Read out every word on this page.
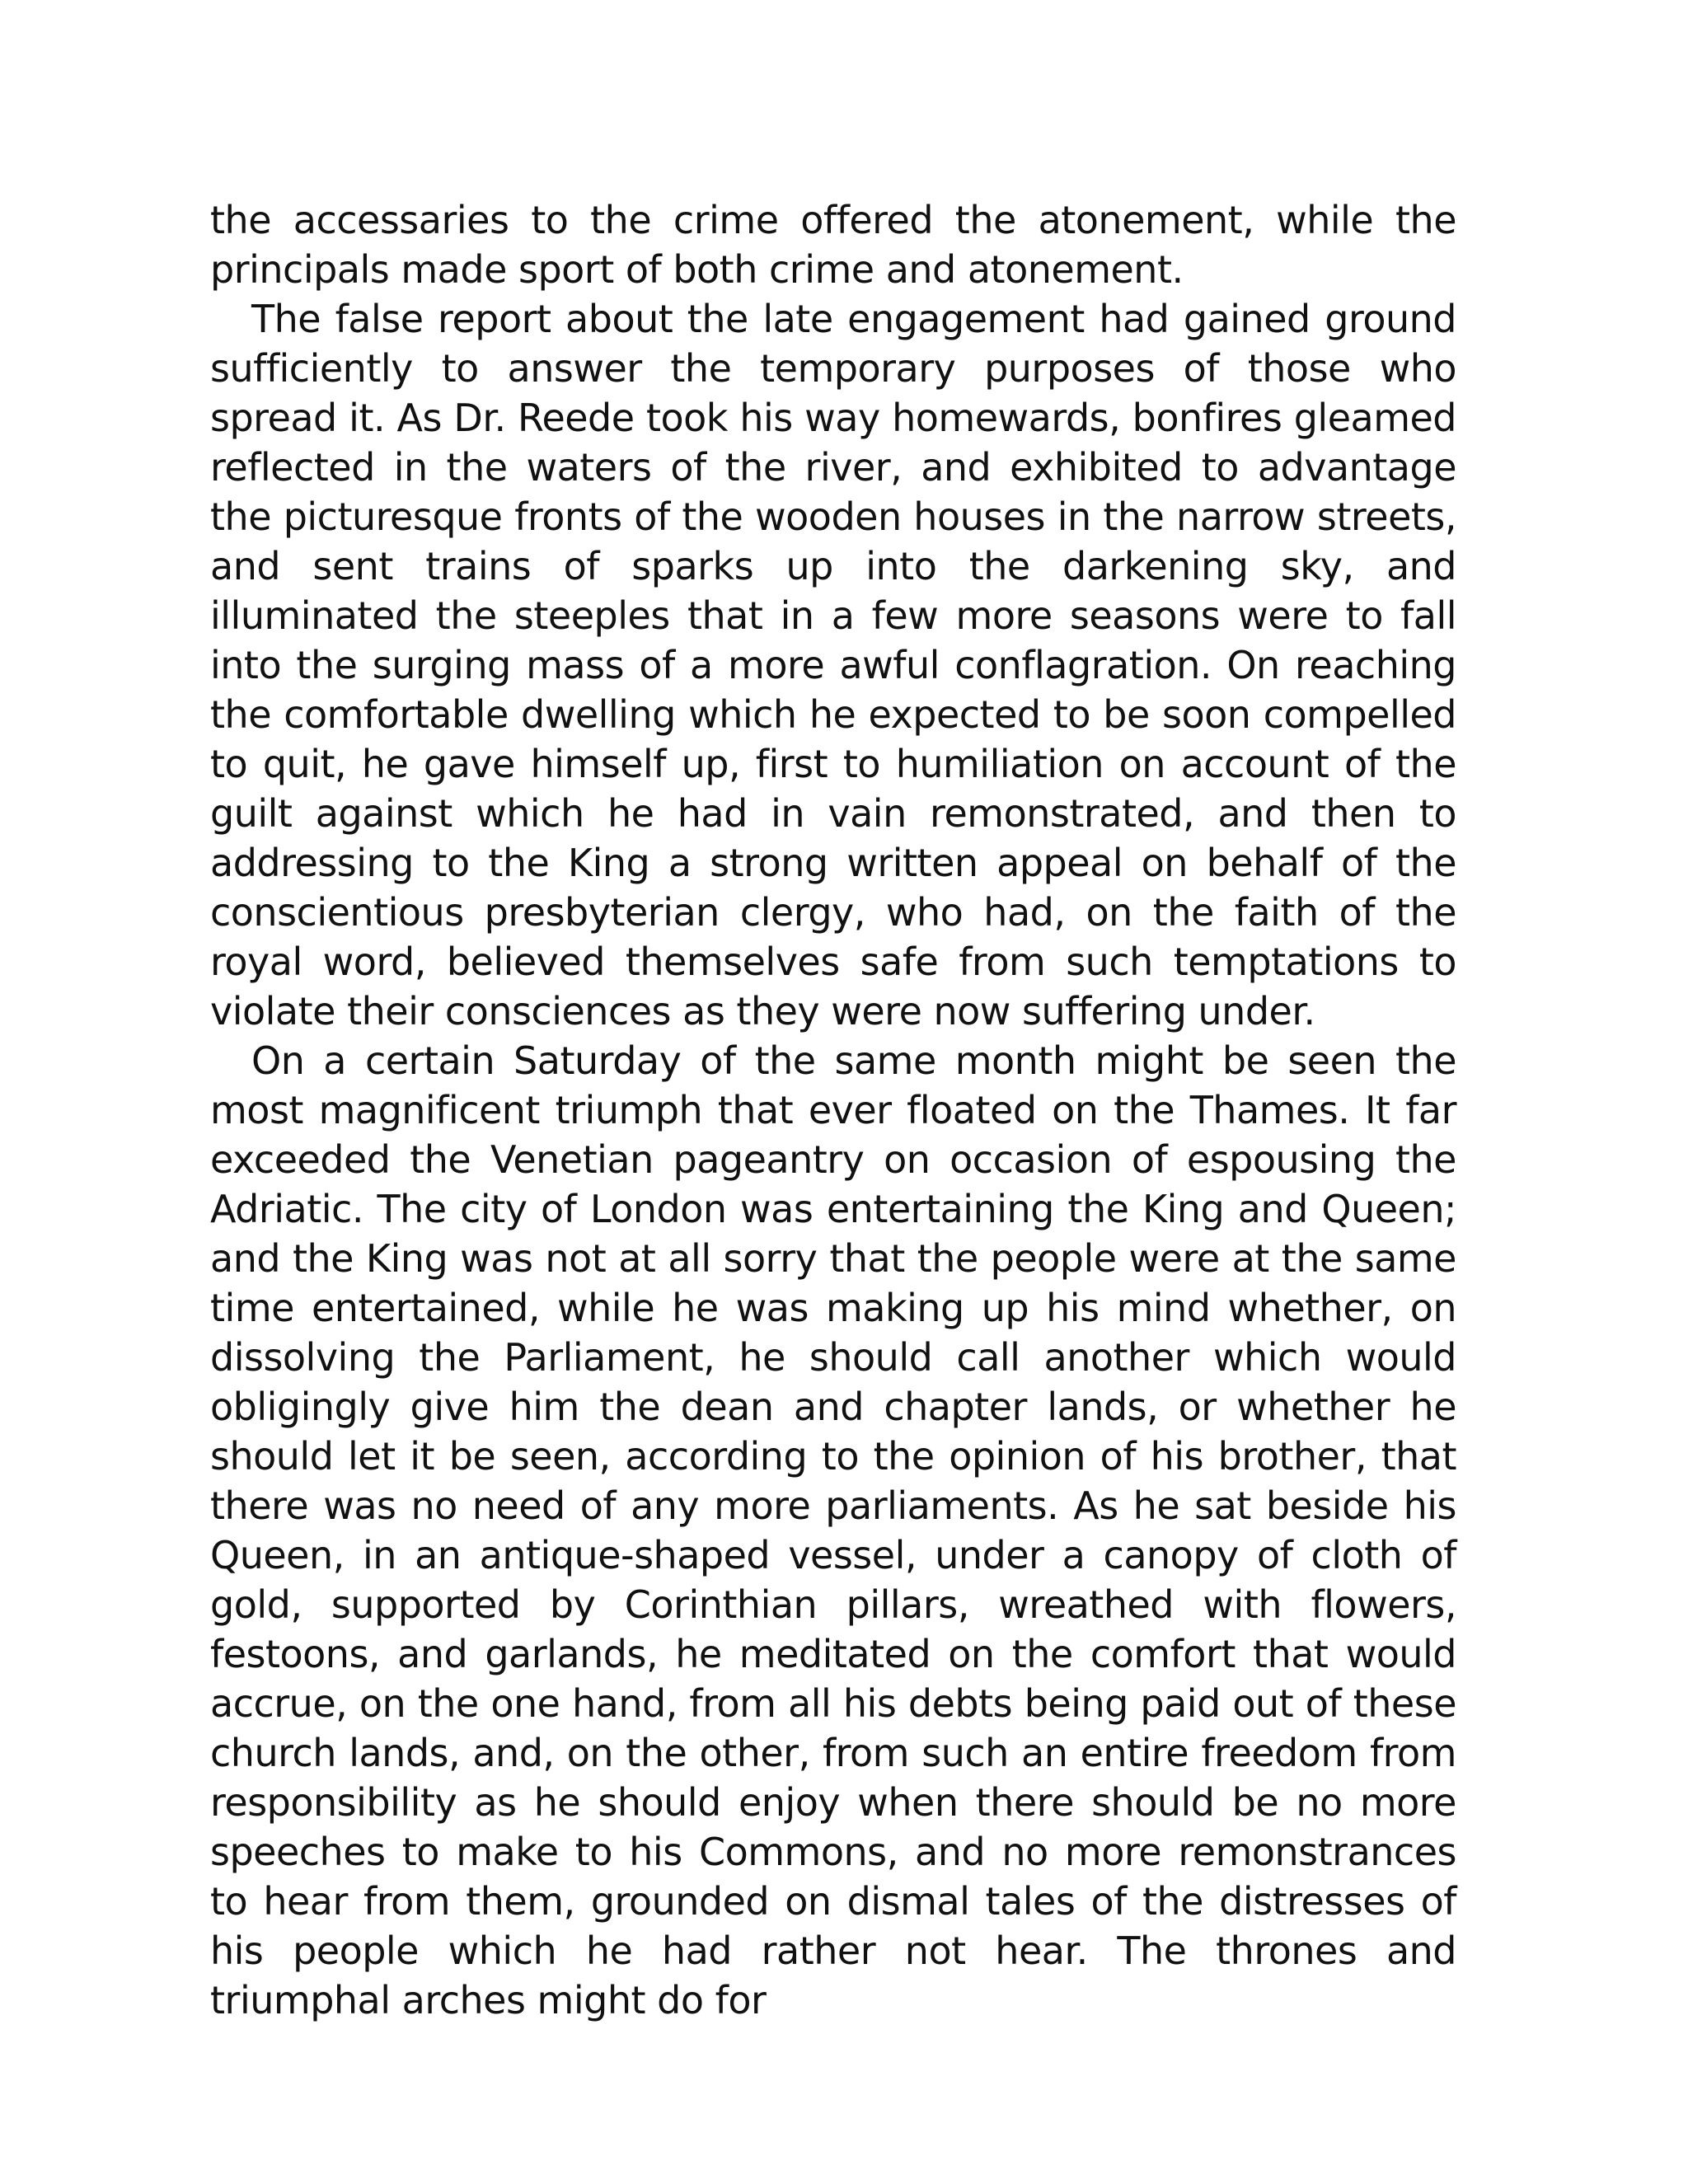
the accessaries to the crime offered the atonement, while the principals made sport of both crime and atonement.

The false report about the late engagement had gained ground sufficiently to answer the temporary purposes of those who spread it. As Dr. Reede took his way homewards, bonfires gleamed reflected in the waters of the river, and exhibited to advantage the picturesque fronts of the wooden houses in the narrow streets, and sent trains of sparks up into the darkening sky, and illuminated the steeples that in a few more seasons were to fall into the surging mass of a more awful conflagration. On reaching the comfortable dwelling which he expected to be soon compelled to quit, he gave himself up, first to humiliation on account of the guilt against which he had in vain remonstrated, and then to addressing to the King a strong written appeal on behalf of the conscientious presbyterian clergy, who had, on the faith of the royal word, believed themselves safe from such temptations to violate their consciences as they were now suffering under.

On a certain Saturday of the same month might be seen the most magnificent triumph that ever floated on the Thames. It far exceeded the Venetian pageantry on occasion of espousing the Adriatic. The city of London was entertaining the King and Queen; and the King was not at all sorry that the people were at the same time entertained, while he was making up his mind whether, on dissolving the Parliament, he should call another which would obligingly give him the dean and chapter lands, or whether he should let it be seen, according to the opinion of his brother, that there was no need of any more parliaments. As he sat beside his Queen, in an antique-shaped vessel, under a canopy of cloth of gold, supported by Corinthian pillars, wreathed with flowers, festoons, and garlands, he meditated on the comfort that would accrue, on the one hand, from all his debts being paid out of these church lands, and, on the other, from such an entire freedom from responsibility as he should enjoy when there should be no more speeches to make to his Commons, and no more remonstrances to hear from them, grounded on dismal tales of the distresses of his people which he had rather not hear. The thrones and triumphal arches might do for
